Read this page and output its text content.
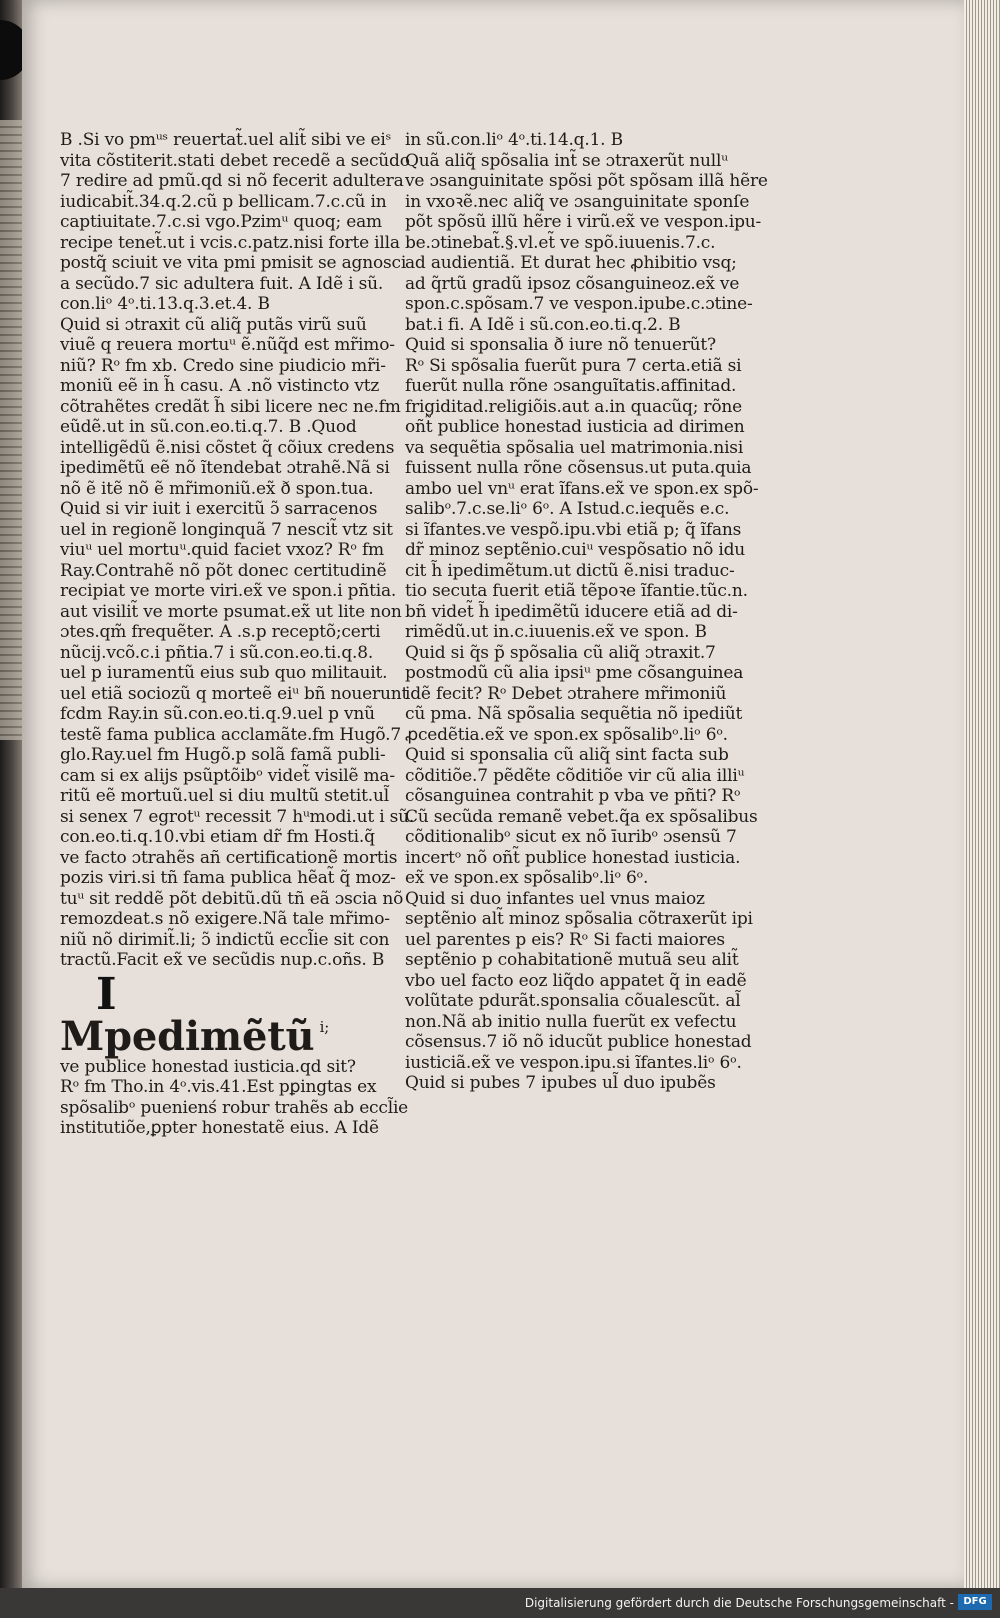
B .Si vo pmᵘˢ reuertat̃.uel alit̃ sibi ve eiˢ
vita cõstiterit.stati debet recedẽ a secũdo
7 redire ad pmũ.qd si nõ fecerit adultera
iudicabit̃.34.q.2.cũ p bellicam.7.c.cũ in
captiuitate.7.c.si vgo.Pzimᵘ quoq; eam
recipe tenet̃.ut i vcis.c.patz.nisi forte illa
postq̃ sciuit ve vita pmi pmisit se agnosci
a secũdo.7 sic adultera fuit. A Idẽ i sũ.
con.liᵒ 4ᵒ.ti.13.q.3.et.4. B
Quid si ɔtraxit cũ aliq̃ putãs virũ suũ
viuẽ q reuera mortuᵘ ẽ.nũq̃d est mr̃imo-
niũ? Rᵒ fm xb. Credo sine piudicio mr̃i-
moniũ eẽ in h̃ casu. A .nõ vistincto vtz
cõtrahẽtes credãt h̃ sibi licere nec ne.fm
eũdẽ.ut in sũ.con.eo.ti.q.7. B .Quod
intelligẽdũ ẽ.nisi cõstet q̃ cõiux credens
ipedimẽtũ eẽ nõ ĩtendebat ɔtrahẽ.Nã si
nõ ẽ itẽ nõ ẽ mr̃imoniũ.ex̃ ð spon.tua.
Quid si vir iuit i exercitũ ɔ̃ sarracenos
uel in regionẽ longinquã 7 nescit̃ vtz sit
viuᵘ uel mortuᵘ.quid faciet vxoz? Rᵒ fm
Ray.Contrahẽ nõ põt donec certitudinẽ
recipiat ve morte viri.ex̃ ve spon.i pñtia.
aut visilit̃ ve morte psumat.ex̃ ut lite non
ɔtes.qm̃ frequẽter. A .s.p receptõ;certi
nũcij.vcõ.c.i pñtia.7 i sũ.con.eo.ti.q.8.
uel p iuramentũ eius sub quo militauit.
uel etiã sociozũ q morteẽ eiᵘ bñ nouerunt
fcdm Ray.in sũ.con.eo.ti.q.9.uel p vnũ
testẽ fama publica acclamãte.fm Hugõ.7
glo.Ray.uel fm Hugõ.p solã famã publi-
cam si ex alijs psũptõibᵒ videt̃ visilẽ ma-
ritũ eẽ mortuũ.uel si diu multũ stetit.ul̃
si senex 7 egrotᵘ recessit 7 hᵘmodi.ut i sũ.
con.eo.ti.q.10.vbi etiam dr̃ fm Hosti.q̃
ve facto ɔtrahẽs añ certificationẽ mortis
pozis viri.si tñ fama publica hẽat̃ q̃ moz-
tuᵘ sit reddẽ põt debitũ.dũ tñ eã ɔscia nõ
remozdeat.s nõ exigere.Nã tale mr̃imo-
niũ nõ dirimit̃.li; ɔ̃ indictũ eccl̃ie sit con
tractũ.Facit ex̃ ve secũdis nup.c.oñs. B
I
Mpedimẽtũ i;
ve publice honestad iusticia.qd sit?
Rᵒ fm Tho.in 4ᵒ.vis.41.Est pꝑingtas ex
spõsalibᵒ puenienś robur trahẽs ab eccl̃ie
institutiõe,ꝑpter honestatẽ eius. A Idẽ
in sũ.con.liᵒ 4ᵒ.ti.14.q.1. B
Quã aliq̃ spõsalia int̃ se ɔtraxerũt nullᵘ
ve ɔsanguinitate spõsi põt spõsam illã hẽre
in vxoꝛẽ.nec aliq̃ ve ɔsanguinitate sponſe
põt spõsũ illũ hẽre i virũ.ex̃ ve vespon.ipu-
be.ɔtinebat̃.§.vl.et̃ ve spõ.iuuenis.7.c.
ad audientiã. Et durat hec ꝓhibitio vsq;
ad q̃rtũ gradũ ipsoz cõsanguineoz.ex̃ ve
spon.c.spõsam.7 ve vespon.ipube.c.ɔtine-
bat.i fi. A Idẽ i sũ.con.eo.ti.q.2. B
Quid si sponsalia ð iure nõ tenuerũt?
Rᵒ Si spõsalia fuerũt pura 7 certa.etiã si
fuerũt nulla rõne ɔsanguĩtatis.affinitad.
frigiditad.religiõis.aut a.in quacũq; rõne
oñt̃ publice honestad iusticia ad dirimen
va sequẽtia spõsalia uel matrimonia.nisi
fuissent nulla rõne cõsensus.ut puta.quia
ambo uel vnᵘ erat ĩfans.ex̃ ve spon.ex spõ-
salibᵒ.7.c.se.liᵒ 6ᵒ. A Istud.c.iequẽs e.c.
si ĩfantes.ve vespõ.ipu.vbi etiã p; q̃ ĩfans
dr̃ minoz septẽnio.cuiᵘ vespõsatio nõ idu
cit h̃ ipedimẽtum.ut dictũ ẽ.nisi traduc-
tio secuta fuerit etiã tẽpoꝛe ĩfantie.tũc.n.
bñ videt̃ h̃ ipedimẽtũ iducere etiã ad di-
rimẽdũ.ut in.c.iuuenis.ex̃ ve spon. B
Quid si q̃s p̃ spõsalia cũ aliq̃ ɔtraxit.7
postmodũ cũ alia ipsiᵘ pme cõsanguinea
idẽ fecit? Rᵒ Debet ɔtrahere mr̃imoniũ
cũ pma. Nã spõsalia sequẽtia nõ ipediũt
ꝓcedẽtia.ex̃ ve spon.ex spõsalibᵒ.liᵒ 6ᵒ.
Quid si sponsalia cũ aliq̃ sint facta sub
cõditiõe.7 pẽdẽte cõditiõe vir cũ alia illiᵘ
cõsanguinea contrahit p vba ve pñti? Rᵒ
Cũ secũda remanẽ vebet.q̃a ex spõsalibus
cõditionalibᵒ sicut ex nõ īuribᵒ ɔsensũ 7
incertᵒ nõ oñt̃ publice honestad iusticia.
ex̃ ve spon.ex spõsalibᵒ.liᵒ 6ᵒ.
Quid si duo infantes uel vnus maioz
septẽnio alt̃ minoz spõsalia cõtraxerũt ipi
uel parentes p eis? Rᵒ Si facti maiores
septẽnio p cohabitationẽ mutuã seu alit̃
vbo uel facto eoz liq̃do appatet q̃ in eadẽ
volũtate pdurãt.sponsalia cõualescũt. al̃
non.Nã ab initio nulla fuerũt ex vefectu
cõsensus.7 iõ nõ iducũt publice honestad
iusticiã.ex̃ ve vespon.ipu.si ĩfantes.liᵒ 6ᵒ.
Quid si pubes 7 ipubes ul̃ duo ipubẽs
Digitalisierung gefördert durch die Deutsche Forschungsgemeinschaft - DFG
